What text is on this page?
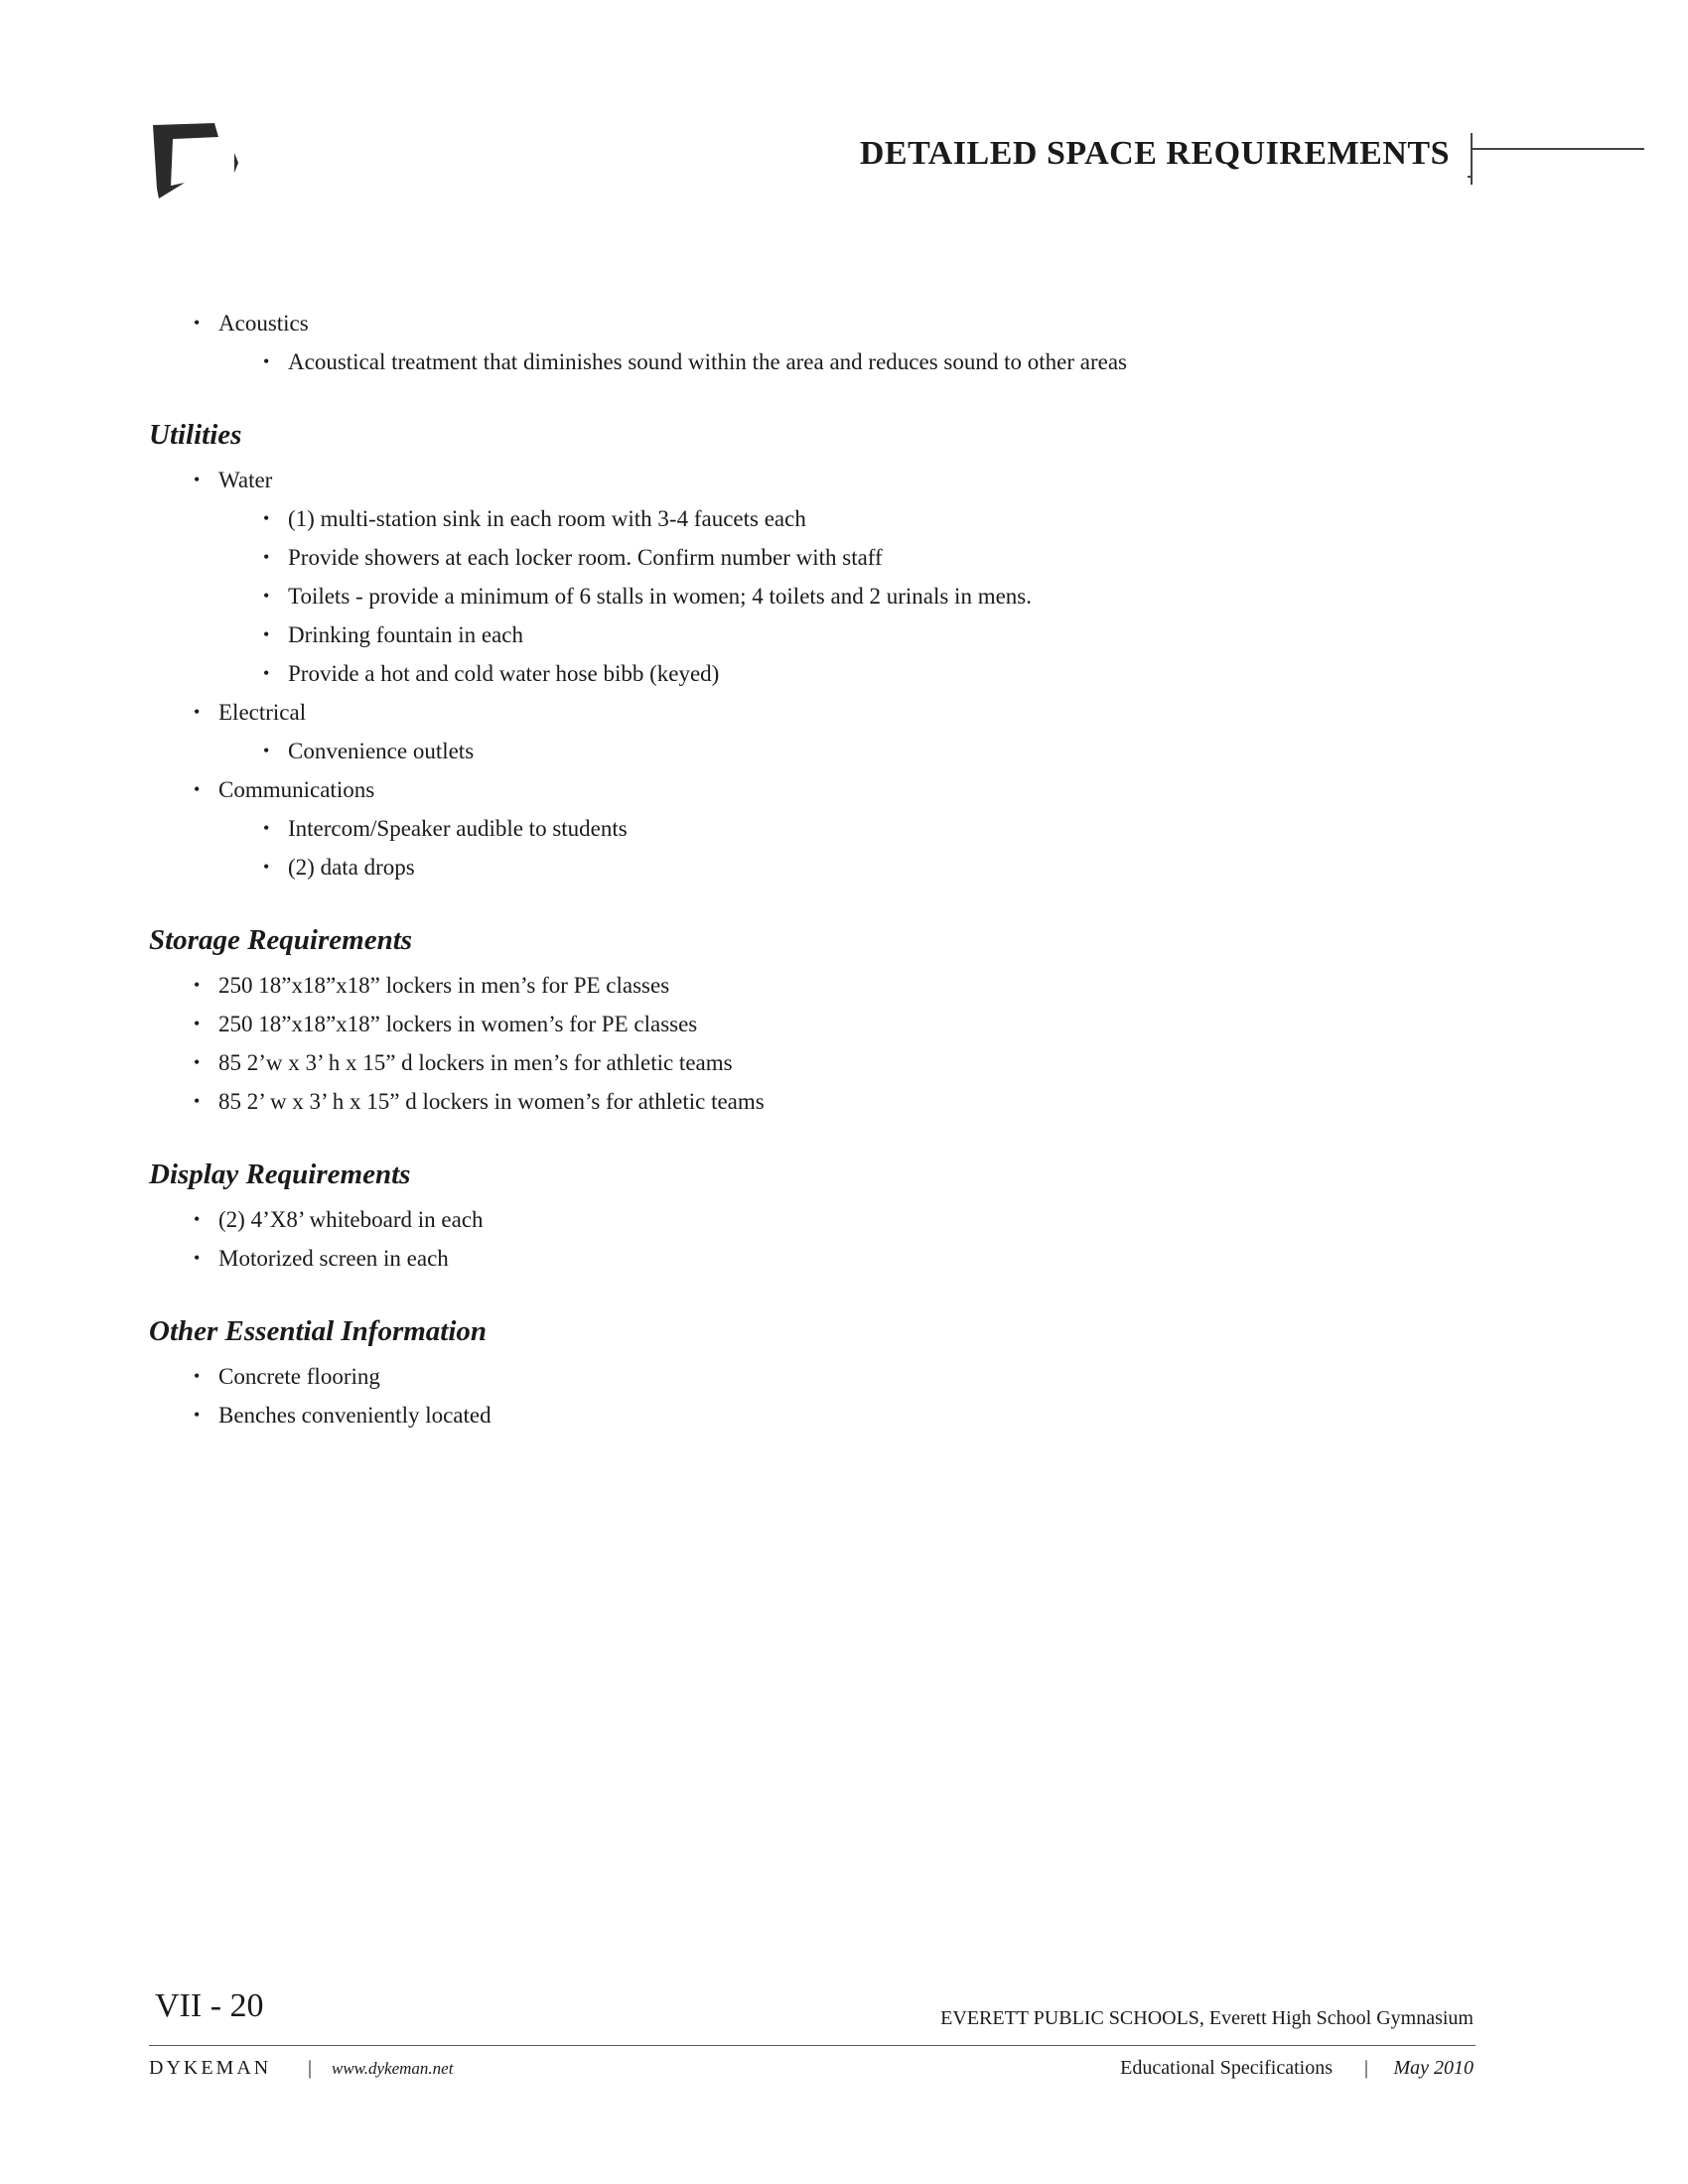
DETAILED SPACE REQUIREMENTS
• Acoustics
• Acoustical treatment that diminishes sound within the area and reduces sound to other areas
Utilities
• Water
• (1) multi-station sink in each room with 3-4 faucets each
• Provide showers at each locker room. Confirm number with staff
• Toilets - provide a minimum of 6 stalls in women; 4 toilets and 2 urinals in mens.
• Drinking fountain in each
• Provide a hot and cold water hose bibb (keyed)
• Electrical
• Convenience outlets
• Communications
• Intercom/Speaker audible to students
• (2) data drops
Storage Requirements
• 250 18”x18”x18” lockers in men’s for PE classes
• 250 18”x18”x18” lockers in women’s for PE classes
• 85 2’w x 3’ h x 15” d lockers in men’s for athletic teams
• 85 2’ w x 3’ h x 15” d lockers in women’s for athletic teams
Display Requirements
• (2) 4’X8’ whiteboard in each
• Motorized screen in each
Other Essential Information
• Concrete flooring
• Benches conveniently located
VII - 20	EVERETT PUBLIC SCHOOLS, Everett High School Gymnasium
DYKEMAN | www.dykeman.net	Educational Specifications | May 2010
